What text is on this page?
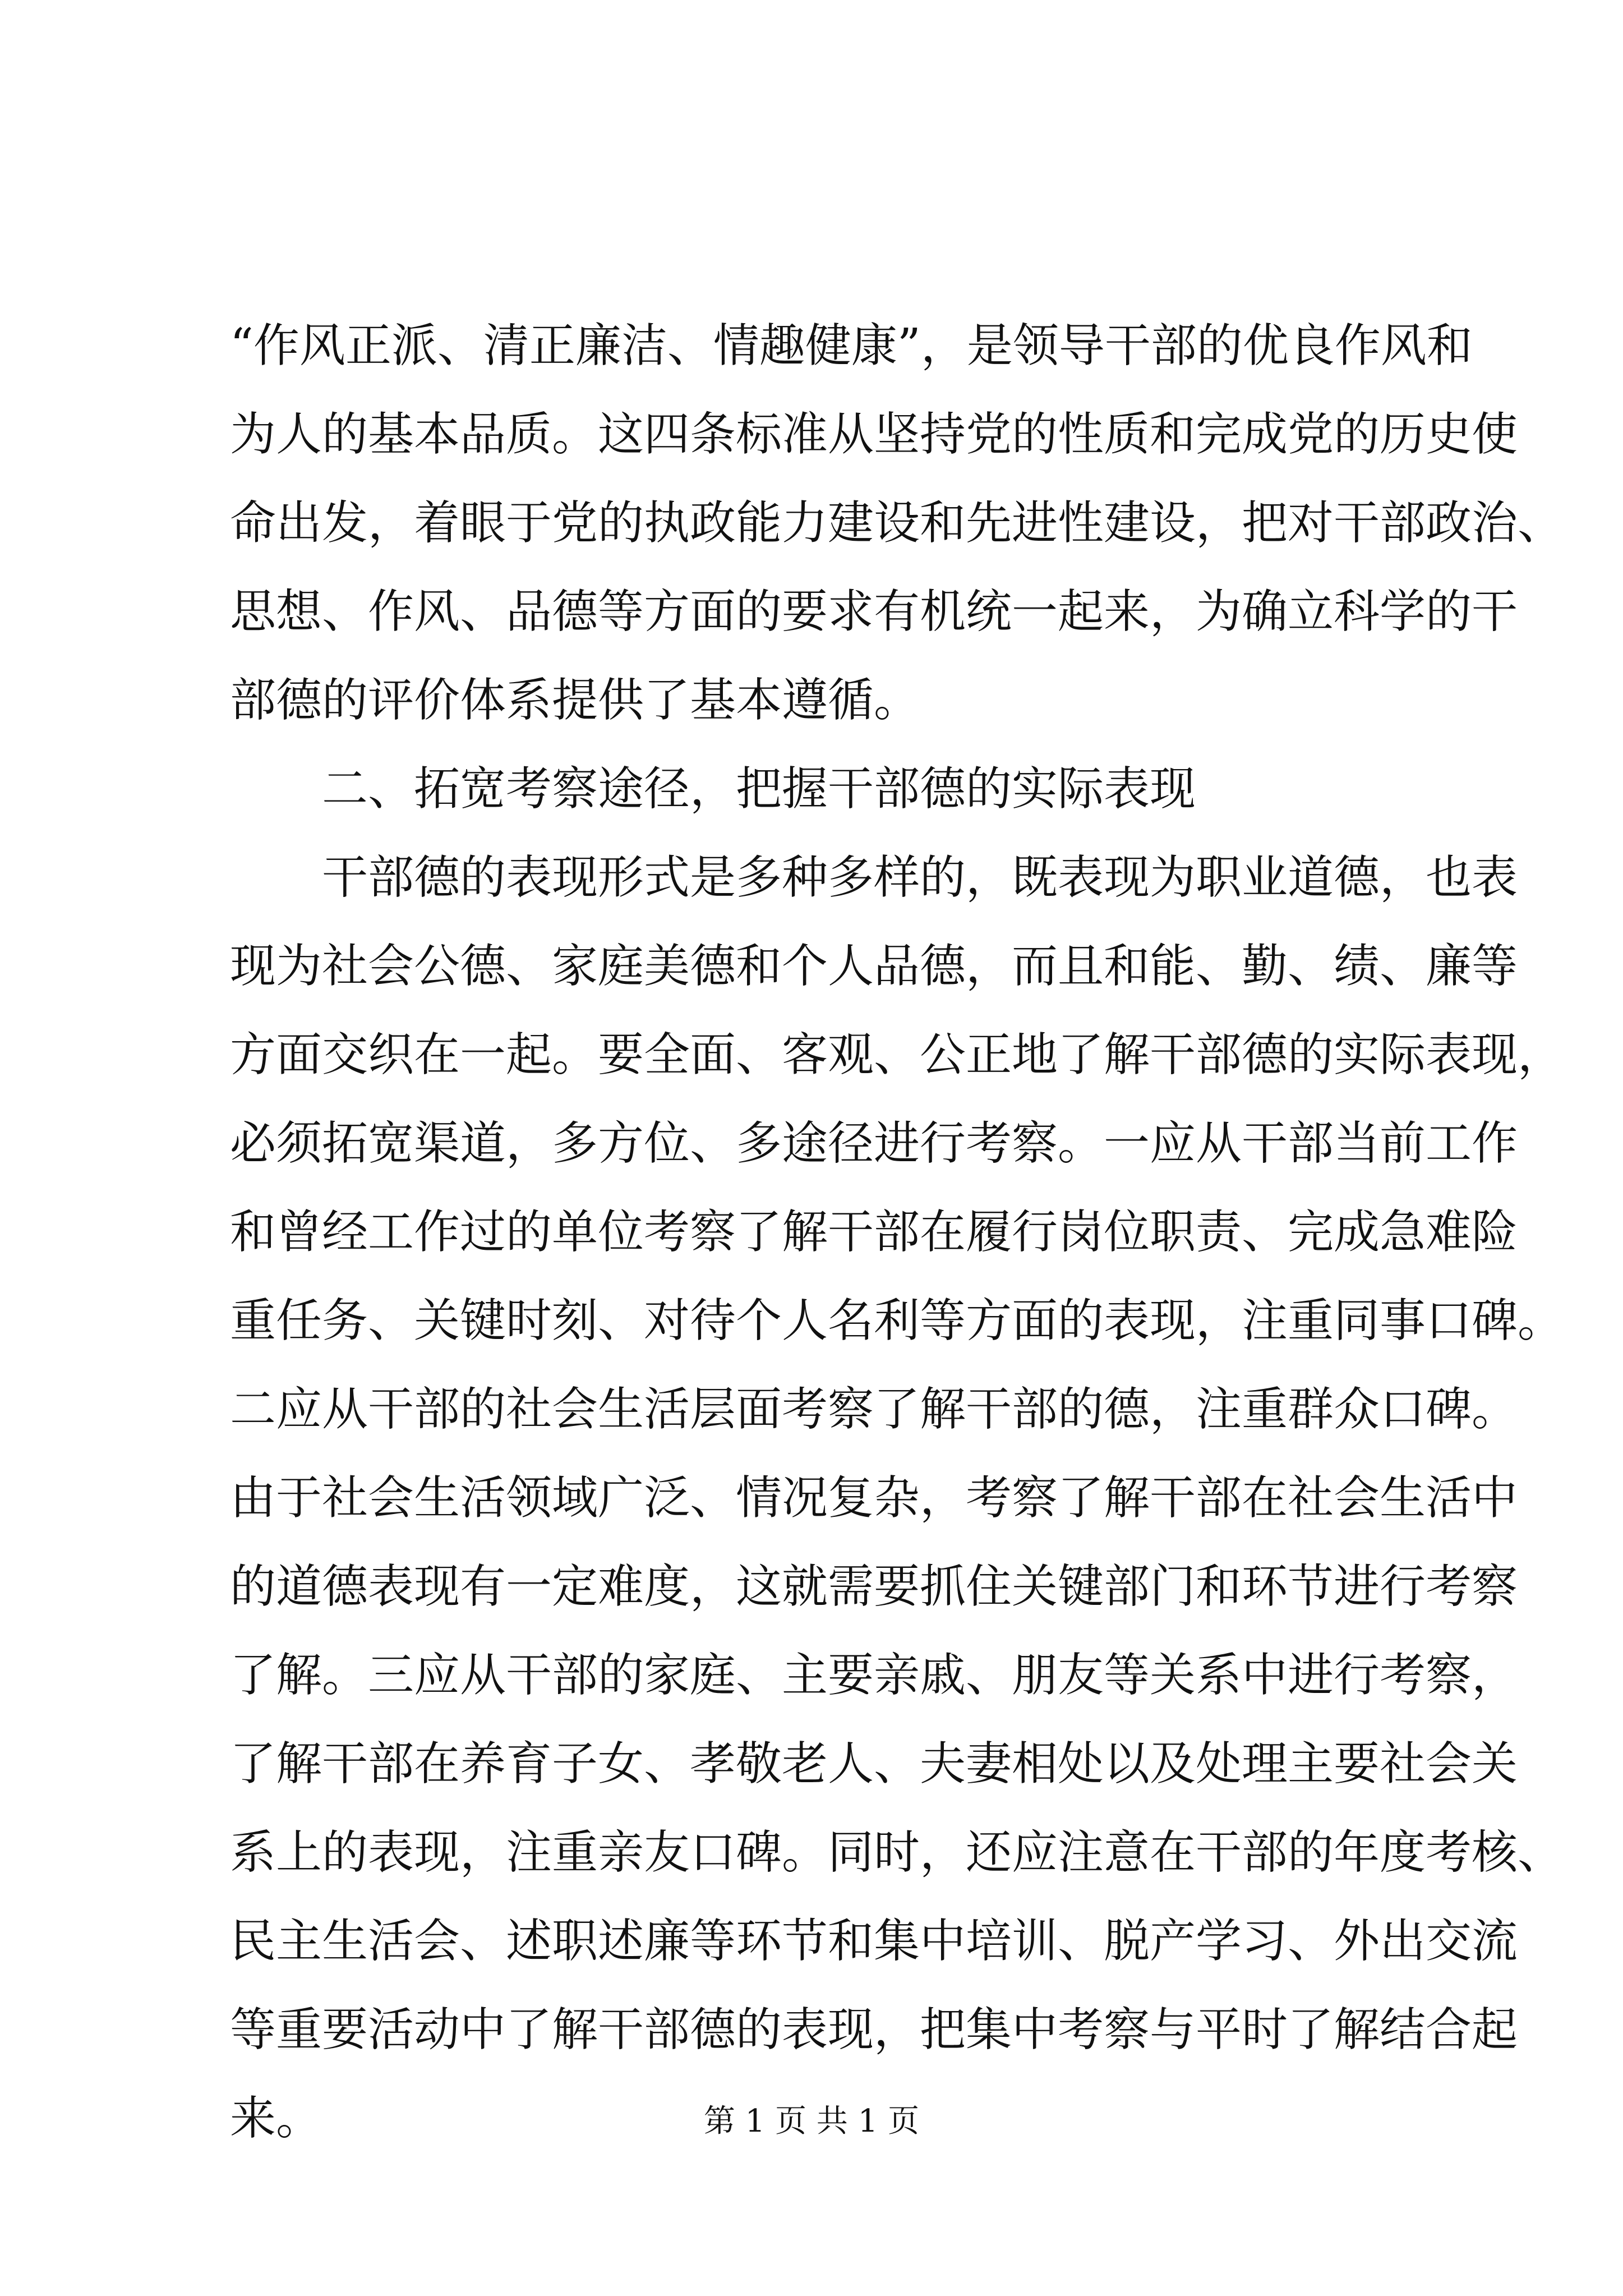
“作风正派、清正廉洁、情趣健康”，是领导干部的优良作风和
为人的基本品质。这四条标准从坚持党的性质和完成党的历史使
命出发，着眼于党的执政能力建设和先进性建设，把对干部政治、
思想、作风、品德等方面的要求有机统一起来，为确立科学的干
部德的评价体系提供了基本遵循。
二、拓宽考察途径，把握干部德的实际表现
干部德的表现形式是多种多样的，既表现为职业道德，也表
现为社会公德、家庭美德和个人品德，而且和能、勤、绩、廉等
方面交织在一起。要全面、客观、公正地了解干部德的实际表现，
必须拓宽渠道，多方位、多途径进行考察。一应从干部当前工作
和曾经工作过的单位考察了解干部在履行岗位职责、完成急难险
重任务、关键时刻、对待个人名利等方面的表现，注重同事口碑。
二应从干部的社会生活层面考察了解干部的德，注重群众口碑。
由于社会生活领域广泛、情况复杂，考察了解干部在社会生活中
的道德表现有一定难度，这就需要抓住关键部门和环节进行考察
了解。三应从干部的家庭、主要亲戚、朋友等关系中进行考察，
了解干部在养育子女、孝敬老人、夫妻相处以及处理主要社会关
系上的表现，注重亲友口碑。同时，还应注意在干部的年度考核、
民主生活会、述职述廉等环节和集中培训、脱产学习、外出交流
等重要活动中了解干部德的表现，把集中考察与平时了解结合起
来。	第 1 页 共 1 页
